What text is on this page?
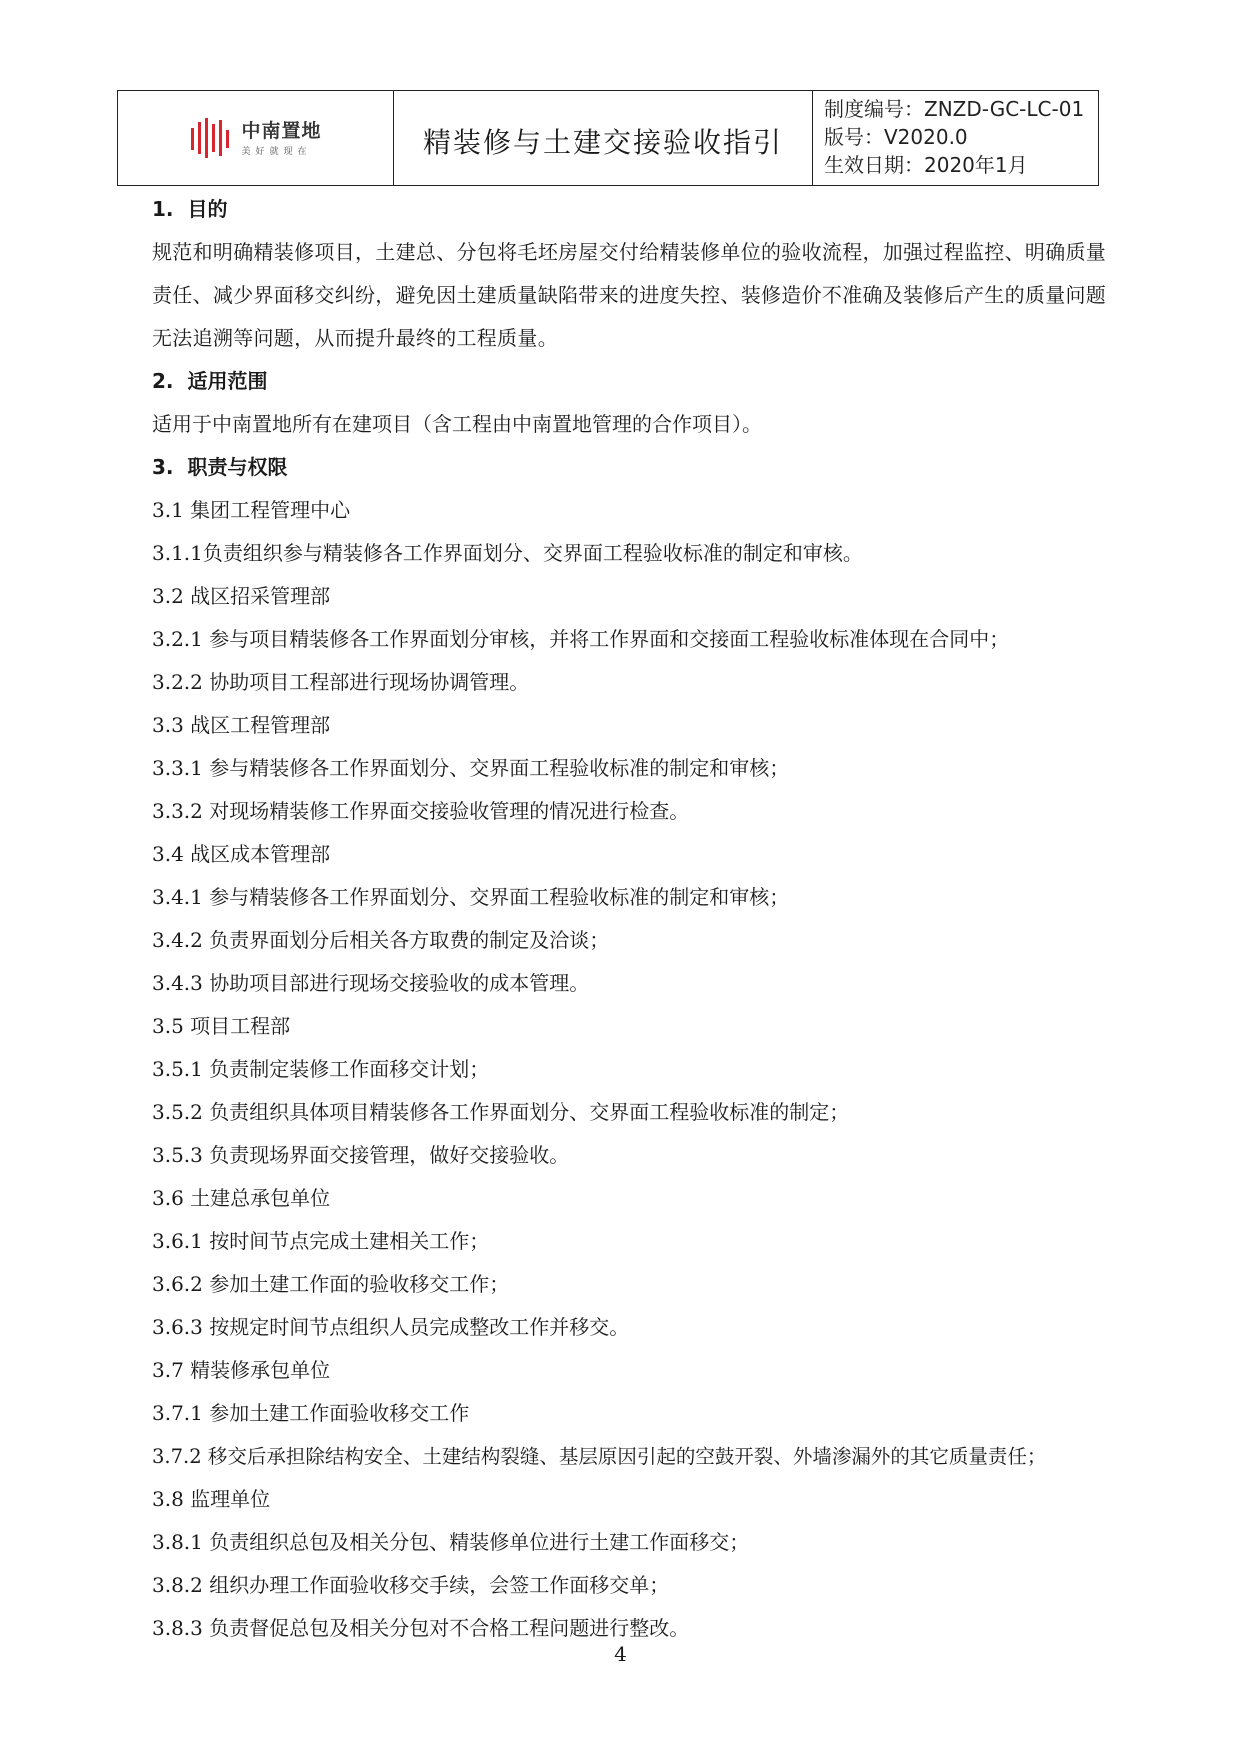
中南置地
美好就现在	精装修与土建交接验收指引
制度编号：ZNZD-GC-LC-01
版号：V2020.0
生效日期：2020年1月
1.  目的
规范和明确精装修项目，土建总、分包将毛坯房屋交付给精装修单位的验收流程，加强过程监控、明确质量责任、减少界面移交纠纷，避免因土建质量缺陷带来的进度失控、装修造价不准确及装修后产生的质量问题无法追溯等问题，从而提升最终的工程质量。
2.  适用范围
适用于中南置地所有在建项目（含工程由中南置地管理的合作项目）。
3.  职责与权限
3.1 集团工程管理中心
3.1.1负责组织参与精装修各工作界面划分、交界面工程验收标准的制定和审核。
3.2 战区招采管理部
3.2.1 参与项目精装修各工作界面划分审核，并将工作界面和交接面工程验收标准体现在合同中；
3.2.2 协助项目工程部进行现场协调管理。
3.3 战区工程管理部
3.3.1 参与精装修各工作界面划分、交界面工程验收标准的制定和审核；
3.3.2 对现场精装修工作界面交接验收管理的情况进行检查。
3.4 战区成本管理部
3.4.1 参与精装修各工作界面划分、交界面工程验收标准的制定和审核；
3.4.2 负责界面划分后相关各方取费的制定及洽谈；
3.4.3 协助项目部进行现场交接验收的成本管理。
3.5 项目工程部
3.5.1 负责制定装修工作面移交计划；
3.5.2 负责组织具体项目精装修各工作界面划分、交界面工程验收标准的制定；
3.5.3 负责现场界面交接管理，做好交接验收。
3.6 土建总承包单位
3.6.1 按时间节点完成土建相关工作；
3.6.2 参加土建工作面的验收移交工作；
3.6.3 按规定时间节点组织人员完成整改工作并移交。
3.7 精装修承包单位
3.7.1 参加土建工作面验收移交工作
3.7.2 移交后承担除结构安全、土建结构裂缝、基层原因引起的空鼓开裂、外墙渗漏外的其它质量责任；
3.8 监理单位
3.8.1 负责组织总包及相关分包、精装修单位进行土建工作面移交；
3.8.2 组织办理工作面验收移交手续，会签工作面移交单；
3.8.3 负责督促总包及相关分包对不合格工程问题进行整改。
4
